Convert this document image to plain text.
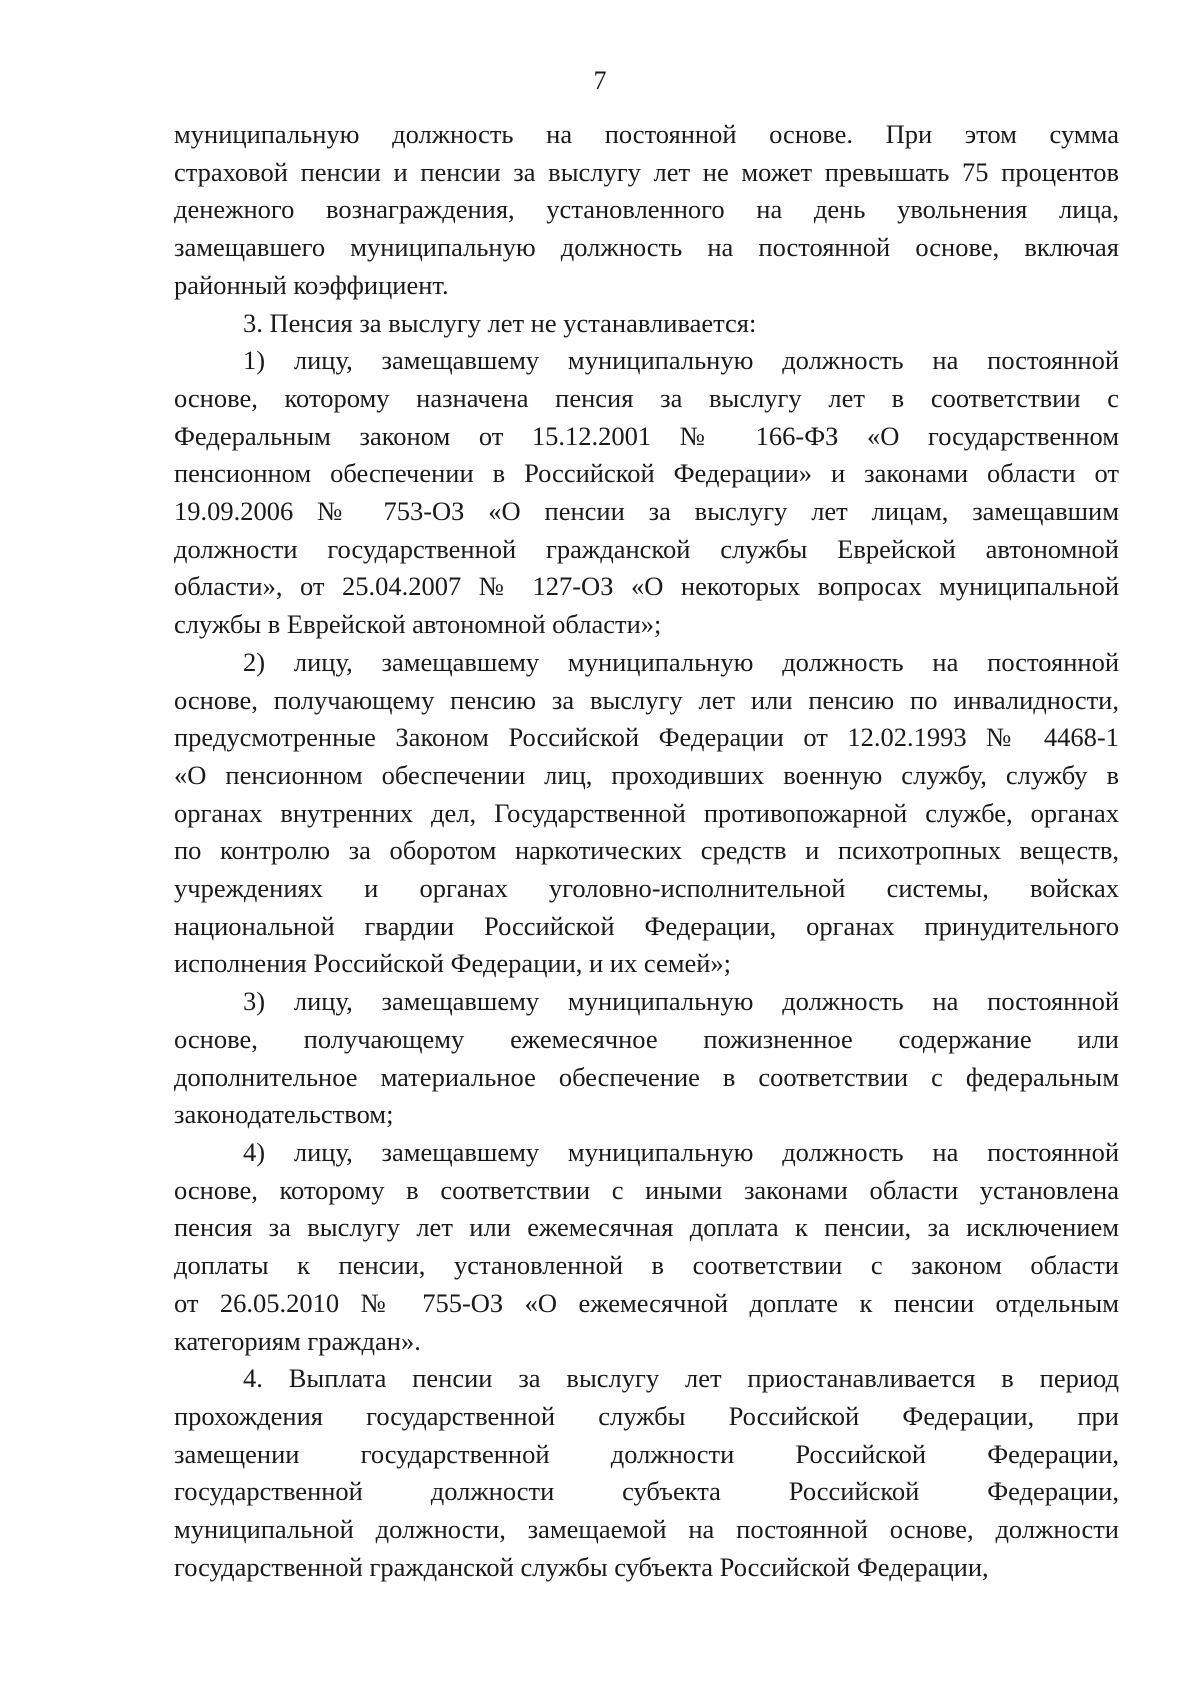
7
муниципальную должность на постоянной основе. При этом сумма
страховой пенсии и пенсии за выслугу лет не может превышать 75 процентов
денежного вознаграждения, установленного на день увольнения лица,
замещавшего муниципальную должность на постоянной основе, включая
районный коэффициент.
3. Пенсия за выслугу лет не устанавливается:
1) лицу, замещавшему муниципальную должность на постоянной
основе, которому назначена пенсия за выслугу лет в соответствии с
Федеральным законом от 15.12.2001 № 166-ФЗ «О государственном
пенсионном обеспечении в Российской Федерации» и законами области от
19.09.2006 № 753-ОЗ «О пенсии за выслугу лет лицам, замещавшим
должности государственной гражданской службы Еврейской автономной
области», от 25.04.2007 № 127-ОЗ «О некоторых вопросах муниципальной
службы в Еврейской автономной области»;
2) лицу, замещавшему муниципальную должность на постоянной
основе, получающему пенсию за выслугу лет или пенсию по инвалидности,
предусмотренные Законом Российской Федерации от 12.02.1993 № 4468-1
«О пенсионном обеспечении лиц, проходивших военную службу, службу в
органах внутренних дел, Государственной противопожарной службе, органах
по контролю за оборотом наркотических средств и психотропных веществ,
учреждениях и органах уголовно-исполнительной системы, войсках
национальной гвардии Российской Федерации, органах принудительного
исполнения Российской Федерации, и их семей»;
3) лицу, замещавшему муниципальную должность на постоянной
основе, получающему ежемесячное пожизненное содержание или
дополнительное материальное обеспечение в соответствии с федеральным
законодательством;
4) лицу, замещавшему муниципальную должность на постоянной
основе, которому в соответствии с иными законами области установлена
пенсия за выслугу лет или ежемесячная доплата к пенсии, за исключением
доплаты к пенсии, установленной в соответствии с законом области
от 26.05.2010 № 755-ОЗ «О ежемесячной доплате к пенсии отдельным
категориям граждан».
4. Выплата пенсии за выслугу лет приостанавливается в период
прохождения государственной службы Российской Федерации, при
замещении государственной должности Российской Федерации,
государственной должности субъекта Российской Федерации,
муниципальной должности, замещаемой на постоянной основе, должности
государственной гражданской службы субъекта Российской Федерации,
